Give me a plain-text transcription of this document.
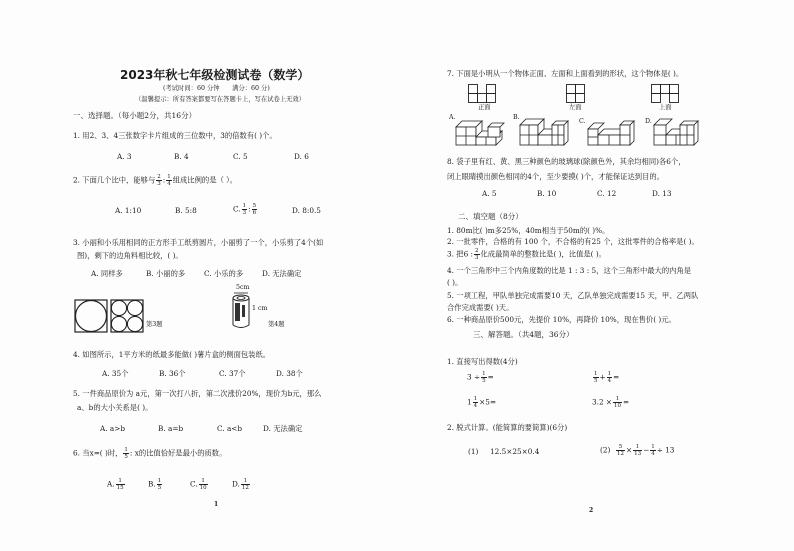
2023年秋七年级检测试卷（数学）
(考试时间：60 分钟　　满分：60 分)
（温馨提示：所有答案都要写在答题卡上，写在试卷上无效）
一、选择题。（每小题2分，共16分）
1. 用2、3、4三张数字卡片组成的三位数中，3的倍数有( )个。
A. 3	B. 4	C. 5	D. 6
2. 下面几个比中，能够与 $\frac{2}{3}$ : $\frac{1}{4}$ 组成比例的是（ ）。
A. 1:10	B. 5:8	C. $\frac{1}{3}$ : $\frac{5}{6}$	D. 8:0.5
3. 小丽和小乐用相同的正方形手工纸剪圆片，小丽剪了一个，小乐剪了4个(如
图)，剩下的边角料相比较，( )。
A. 同样多	B. 小丽的多	C. 小乐的多	D. 无法确定
第3题
5cm
1 cm
第4题
4. 如图所示，1平方米的纸最多能做( )薯片盒的侧面包装纸。
A. 35个	B. 36个	C. 37个	D. 38个
5. 一件商品原价为 a元，第一次打八折，第二次涨价20%，现价为b元，那么
a、b的大小关系是( )。
A. a>b	B. a=b	C. a<b	D. 无法确定
6. 当x=( )时， $\frac{1}{5}$ : x的比值恰好是最小的质数。
A. $\frac{1}{15}$	B. $\frac{1}{5}$	C. $\frac{1}{10}$	D. $\frac{1}{12}$
1
7. 下面是小明从一个物体正面、左面和上面看到的形状，这个物体是( )。
正面	左面	上面
A.	B.
C.	D.
8. 袋子里有红、黄、黑三种颜色的玻璃球(除颜色外，其余均相同)各6个，
闭上眼睛摸出颜色相同的4个，至少要摸( )个，才能保证达到目的。
A. 5	B. 10	C. 12	D. 13
二、填空题（8分）
1. 80m比( )m多25%，40m相当于50m的( )%。
2. 一批零件，合格的有 100 个，不合格的有25 个，这批零件的合格率是( )。
3. 把6 : $\frac{2}{3}$ 化成最简单的整数比是( )，比值是( )。
4. 一个三角形中三个内角度数的比是 1 : 3 : 5，这个三角形中最大的内角是
( )。
5. 一项工程，甲队单独完成需要10 天，乙队单独完成需要15 天，甲、乙两队
合作完成需要( )天。
6. 一种商品原价500元，先提价 10%，再降价 10%，现在售价( )元。
三、解答题。（共4题，36分）
1. 直接写出得数(4分)
$3 \div \frac{1}{5}$ =	$\frac{1}{5} + \frac{1}{4}$ =
$1 \frac{1}{4} \times 5=$	$3.2 \times \frac{1}{10}$ =
2. 脱式计算。(能简算的要简算)(6分)
(1) 12.5×25×0.4	$(2) \frac{5}{12} \times \frac{1}{13} - \frac{1}{4} \div 13$
2
